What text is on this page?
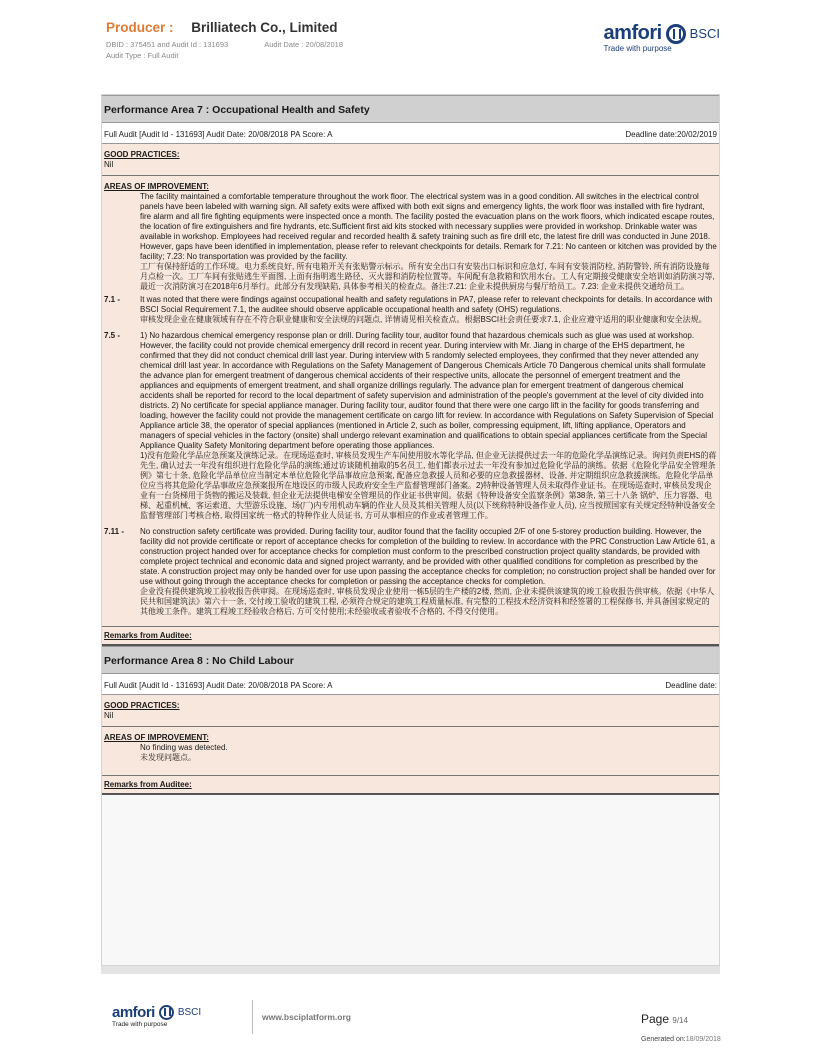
Producer : Brilliatech Co., Limited
DBID : 375451 and Audit Id : 131693	Audit Date : 20/08/2018
Audit Type : Full Audit
amfori BSCI
Trade with purpose
Performance Area 7 : Occupational Health and Safety
Full Audit [Audit Id - 131693] Audit Date: 20/08/2018 PA Score: A	Deadline date:20/02/2019
GOOD PRACTICES:
Nil
AREAS OF IMPROVEMENT:
The facility maintained a comfortable temperature throughout the work floor. The electrical system was in a good condition. All switches in the electrical control panels have been labeled with warning sign. All safety exits were affixed with both exit signs and emergency lights, the work floor was installed with fire hydrant, fire alarm and all fire fighting equipments were inspected once a month. The facility posted the evacuation plans on the work floors, which indicated escape routes, the location of fire extinguishers and fire hydrants, etc.Sufficient first aid kits stocked with necessary supplies were provided in workshop. Drinkable water was available in workshop. Employees had received regular and recorded health & safety training such as fire drill etc, the latest fire drill was conducted in June 2018. However, gaps have been identified in implementation, please refer to relevant checkpoints for details. Remark for 7.21: No canteen or kitchen was provided by the facility; 7.23: No transportation was provided by the facility.
工厂有保持舒适的工作环境。电力系统良好, 所有电箱开关有张贴警示标示。所有安全出口有安装出口标识和应急灯, 车间有安装消防栓, 消防警铃, 所有消防设施每月点检一次。工厂车间有张贴逃生平面图, 上面有指明逃生路径、灭火器和消防栓位置等。车间配有急救箱和饮用水台。工人有定期接受健康安全培训如消防演习等, 最近一次消防演习在2018年6月举行。此部分有发现缺陷, 具体参考相关的检查点。备注:7.21: 企业未提供厨房与餐厅给员工。7.23: 企业未提供交通给员工。
7.1 -	It was noted that there were findings against occupational health and safety regulations in PA7, please refer to relevant checkpoints for details. In accordance with BSCI Social Requirement 7.1, the auditee should observe applicable occupational health and safety (OHS) regulations.
审核发现企业在健康领域有存在不符合职业健康和安全法规的问题点, 详情请见相关检查点。根据BSCI社会责任要求7.1, 企业应遵守适用的职业健康和安全法规。
7.5 -	1) No hazardous chemical emergency response plan or drill. During facility tour, auditor found that hazardous chemicals such as glue was used at workshop. However, the facility could not provide chemical emergency drill record in recent year. During interview with Mr. Jiang in charge of the EHS department, he confirmed that they did not conduct chemical drill last year. During interview with 5 randomly selected employees, they confirmed that they never attended any chemical drill last year. In accordance with Regulations on the Safety Management of Dangerous Chemicals Article 70 Dangerous chemical units shall formulate the advance plan for emergent treatment of dangerous chemical accidents of their respective units, allocate the personnel of emergent treatment and the appliances and equipments of emergent treatment, and shall organize drillings regularly. The advance plan for emergent treatment of dangerous chemical accidents shall be reported for record to the local department of safety supervision and administration of the people's government at the level of city divided into districts. 2) No certificate for special appliance manager. During facility tour, auditor found that there were one cargo lift in the facility for goods transferring and loading, however the facility could not provide the management certificate on cargo lift for review. In accordance with Regulations on Safety Supervision of Special Appliance article 38, the operator of special appliances (mentioned in Article 2, such as boiler, compressing equipment, lift, lifting appliance, Operators and managers of special vehicles in the factory (onsite) shall undergo relevant examination and qualifications to obtain special appliances certificate from the Special Appliance Quality Safety Monitoring department before operating those appliances.
1)没有危险化学品应急预案及演练记录。在现场巡查时, 审核员发现生产车间使用胶水等化学品, 但企业无法提供过去一年的危险化学品演练记录。询问负责EHS的蒋先生, 确认过去一年没有组织进行危险化学品的演练;通过访谈随机抽取的5名员工, 他们都表示过去一年没有参加过危险化学品的演练。依据《危险化学品安全管理条例》第七十条, 危险化学品单位应当制定本单位危险化学品事故应急预案, 配备应急救援人员和必要的应急救援器材、设备, 并定期组织应急救援演练。危险化学品单位应当将其危险化学品事故应急预案报所在地设区的市级人民政府安全生产监督管理部门备案。2)特种设备管理人员未取得作业证书。在现场巡查时, 审核员发现企业有一台货梯用于货物的搬运及装载, 但企业无法提供电梯安全管理员的作业证书供审阅。依据《特种设备安全监察条例》第38条, 第三十八条 锅炉、压力容器、电梯、起重机械、客运索道、大型游乐设施、场(厂)内专用机动车辆的作业人员及其相关管理人员(以下统称特种设备作业人员), 应当按照国家有关规定经特种设备安全监督管理部门考核合格, 取得国家统一格式的特种作业人员证书, 方可从事相应的作业或者管理工作。
7.11 -	No construction safety certificate was provided. During facility tour, auditor found that the facility occupied 2/F of one 5-storey production building. However, the facility did not provide certificate or report of acceptance checks for completion of the building to review. In accordance with the PRC Construction Law Article 61, a construction project handed over for acceptance checks for completion must conform to the prescribed construction project quality standards, be provided with complete project technical and economic data and signed project warranty, and be provided with other qualified conditions for completion as prescribed by the state. A construction project may only be handed over for use upon passing the acceptance checks for completion; no construction project shall be handed over for use without going through the acceptance checks for completion or passing the acceptance checks for completion.
企业没有提供建筑竣工验收报告供审阅。在现场巡查时, 审核员发现企业使用一栋5层的生产楼的2楼, 然而, 企业未提供该建筑的竣工验收报告供审核。依据《中华人民共和国建筑法》第六十一条, 交付竣工验收的建筑工程, 必须符合规定的建筑工程质量标准, 有完整的工程技术经济资料和经签署的工程保修书, 并具备国家规定的其他竣工条件。建筑工程竣工经验收合格后, 方可交付使用;未经验收或者验收不合格的, 不得交付使用。
Remarks from Auditee:
Performance Area 8 : No Child Labour
Full Audit [Audit Id - 131693] Audit Date: 20/08/2018 PA Score: A	Deadline date:
GOOD PRACTICES:
Nil
AREAS OF IMPROVEMENT:
No finding was detected.
未发现问题点。
Remarks from Auditee:
amfori BSCI
Trade with purpose
www.bsciplatform.org	Page 9/14
Generated on:18/09/2018
